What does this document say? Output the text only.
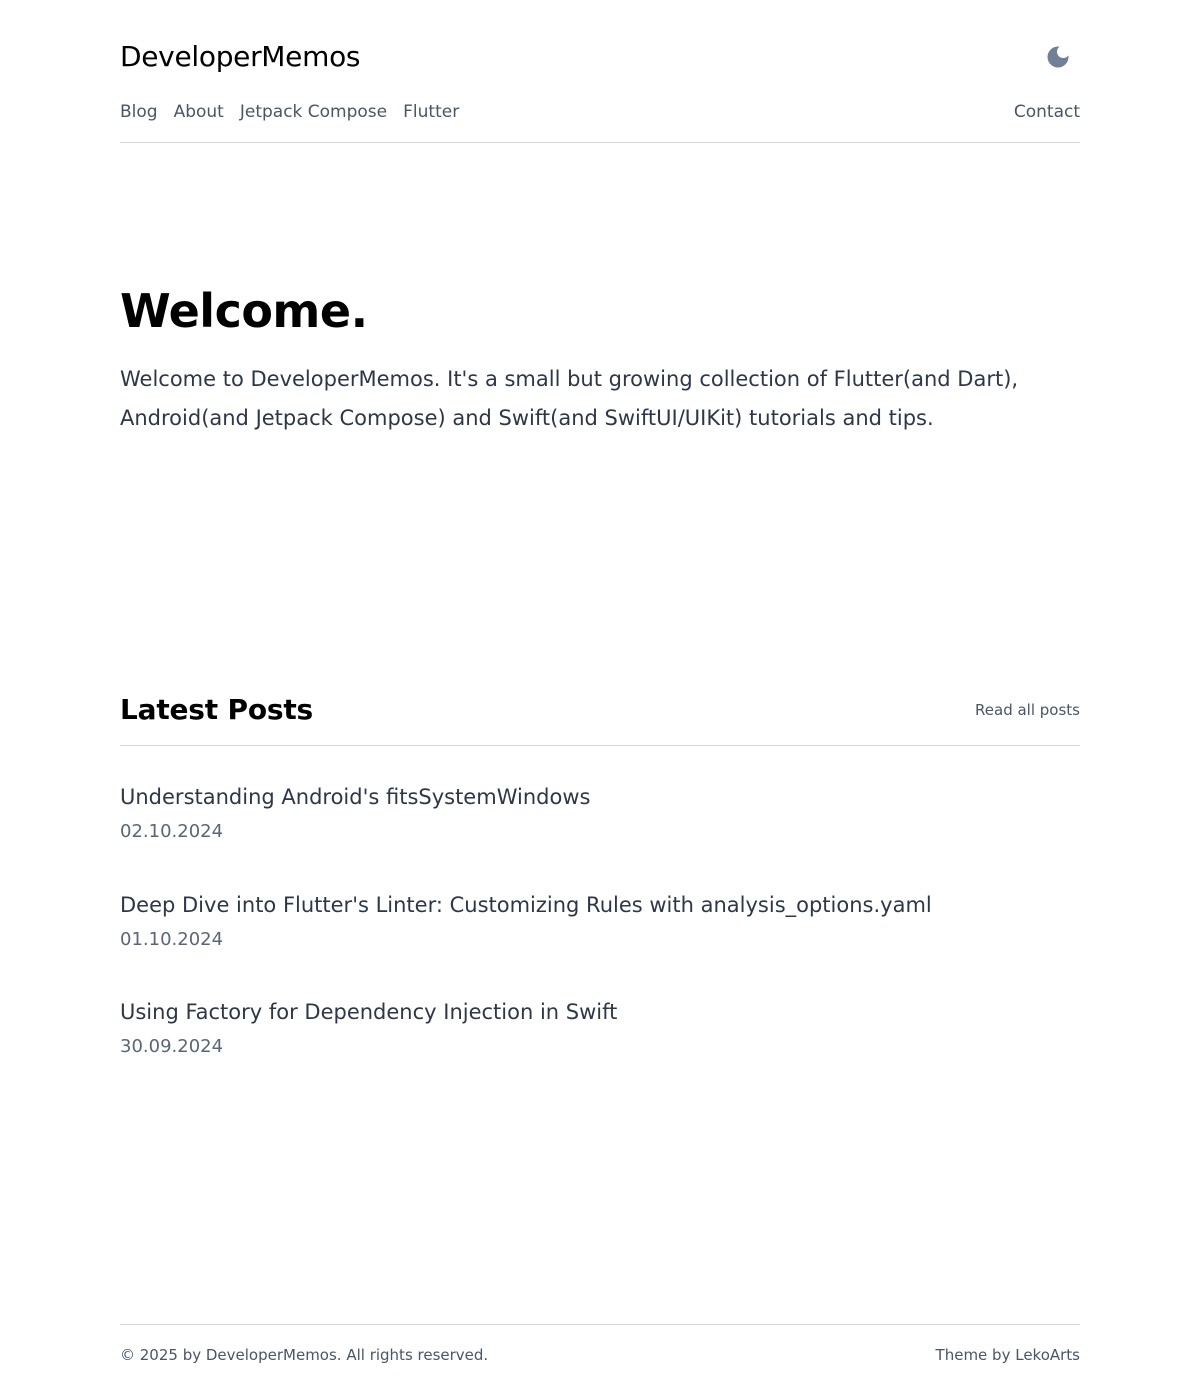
DeveloperMemos
Blog About Jetpack Compose Flutter	Contact
Welcome.

Welcome to DeveloperMemos. It's a small but growing collection of Flutter(and Dart), Android(and Jetpack Compose) and Swift(and SwiftUI/UIKit) tutorials and tips.

Latest Posts	Read all posts
Understanding Android's fitsSystemWindows
02.10.2024
Deep Dive into Flutter's Linter: Customizing Rules with analysis_options.yaml
01.10.2024
Using Factory for Dependency Injection in Swift
30.09.2024
© 2025 by DeveloperMemos. All rights reserved.	Theme by LekoArts
